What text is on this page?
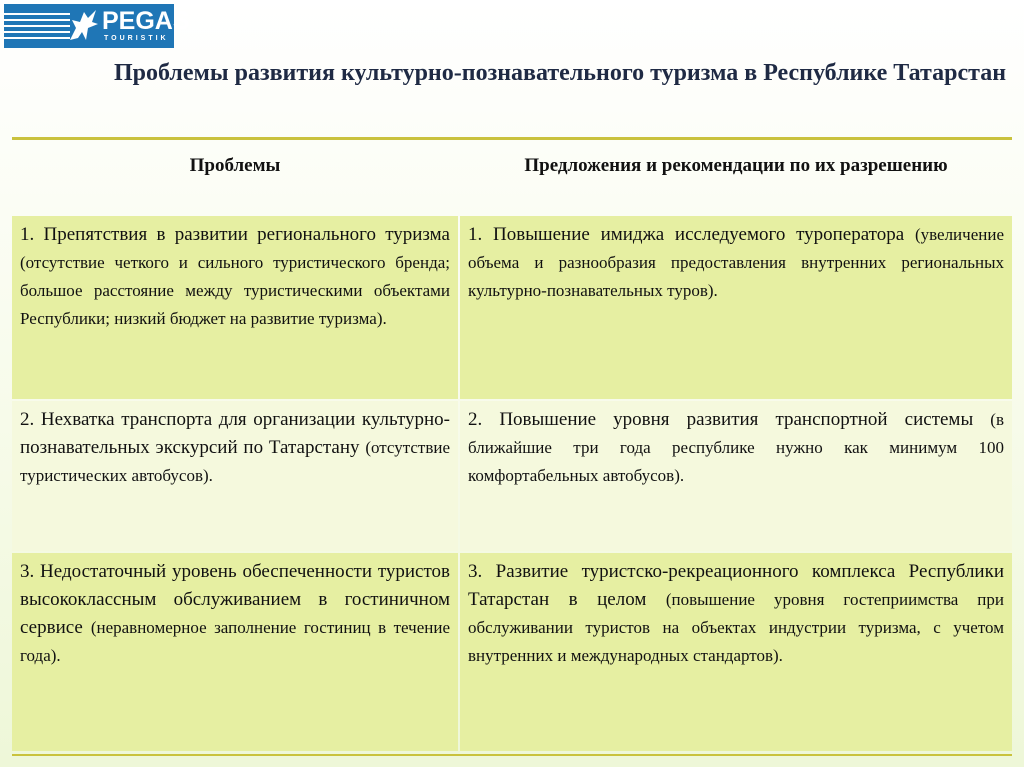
PEGAS
TOURISTIK
Проблемы развития культурно-познавательного туризма в Республике Татарстан
Проблемы	Предложения и рекомендации по их разрешению
1. Препятствия в развитии регионального туризма (отсутствие четкого и сильного туристического бренда; большое расстояние между туристическими объектами Республики; низкий бюджет на развитие туризма).
1. Повышение имиджа исследуемого туроператора (увеличение объема и разнообразия предоставления внутренних региональных культурно-познавательных туров).
2. Нехватка транспорта для организации культурно-познавательных экскурсий по Татарстану (отсутствие туристических автобусов).
2. Повышение уровня развития транспортной системы (в ближайшие три года республике нужно как минимум 100 комфортабельных автобусов).
3. Недостаточный уровень обеспеченности туристов высококлассным обслуживанием в гостиничном сервисе (неравномерное заполнение гостиниц в течение года).
3. Развитие туристско-рекреационного комплекса Республики Татарстан в целом (повышение уровня гостеприимства при обслуживании туристов на объектах индустрии туризма, с учетом внутренних и международных стандартов).
